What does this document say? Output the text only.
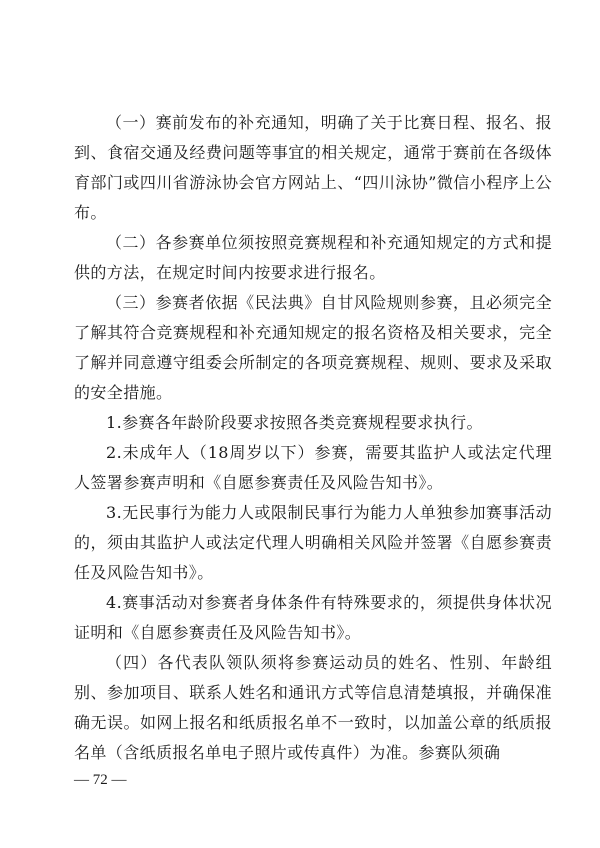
（一）赛前发布的补充通知，明确了关于比赛日程、报名、报到、食宿交通及经费问题等事宜的相关规定，通常于赛前在各级体育部门或四川省游泳协会官方网站上、“四川泳协”微信小程序上公布。

（二）各参赛单位须按照竞赛规程和补充通知规定的方式和提供的方法，在规定时间内按要求进行报名。

（三）参赛者依据《民法典》自甘风险规则参赛，且必须完全了解其符合竞赛规程和补充通知规定的报名资格及相关要求，完全了解并同意遵守组委会所制定的各项竞赛规程、规则、要求及采取的安全措施。

1.参赛各年龄阶段要求按照各类竞赛规程要求执行。

2.未成年人（18周岁以下）参赛，需要其监护人或法定代理人签署参赛声明和《自愿参赛责任及风险告知书》。

3.无民事行为能力人或限制民事行为能力人单独参加赛事活动的，须由其监护人或法定代理人明确相关风险并签署《自愿参赛责任及风险告知书》。

4.赛事活动对参赛者身体条件有特殊要求的，须提供身体状况证明和《自愿参赛责任及风险告知书》。

（四）各代表队领队须将参赛运动员的姓名、性别、年龄组别、参加项目、联系人姓名和通讯方式等信息清楚填报，并确保准确无误。如网上报名和纸质报名单不一致时，以加盖公章的纸质报名单（含纸质报名单电子照片或传真件）为准。参赛队须确

— 72 —
